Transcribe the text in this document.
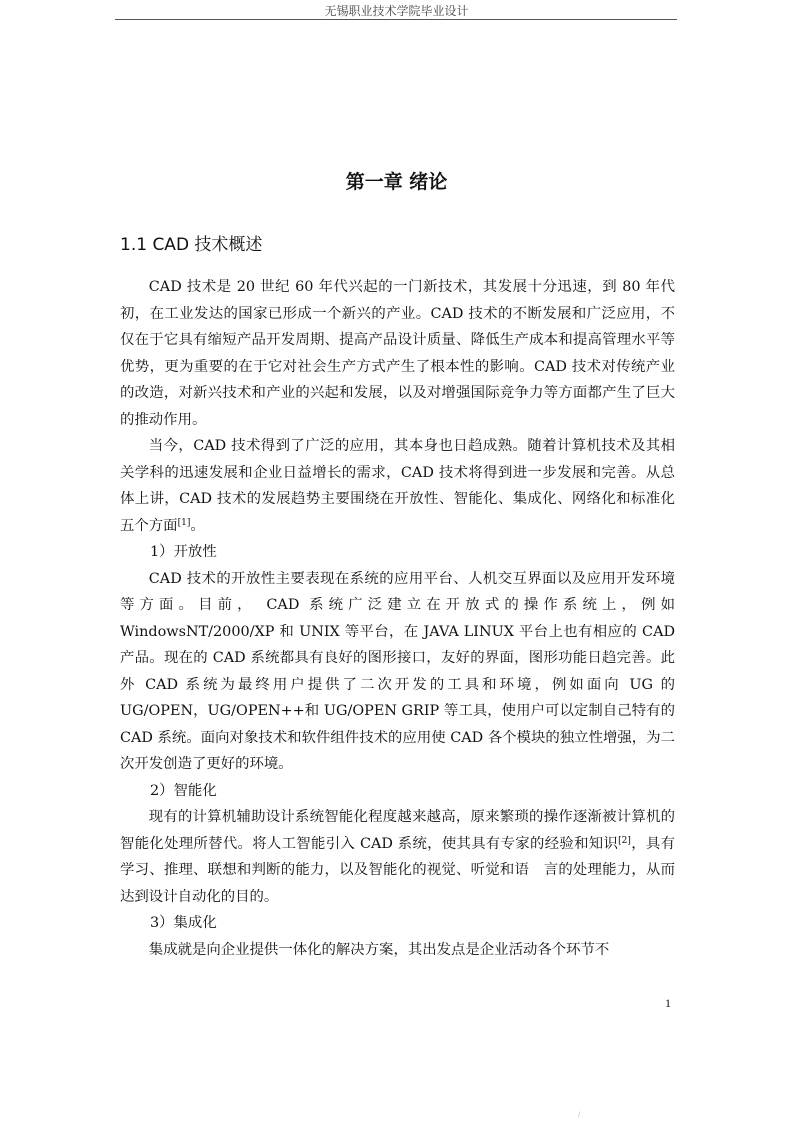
无锡职业技术学院毕业设计
第一章 绪论
1.1 CAD 技术概述

CAD 技术是 20 世纪 60 年代兴起的一门新技术，其发展十分迅速，到 80 年代初，在工业发达的国家已形成一个新兴的产业。CAD 技术的不断发展和广泛应用，不仅在于它具有缩短产品开发周期、提高产品设计质量、降低生产成本和提高管理水平等优势，更为重要的在于它对社会生产方式产生了根本性的影响。CAD 技术对传统产业的改造，对新兴技术和产业的兴起和发展，以及对增强国际竞争力等方面都产生了巨大的推动作用。

当今，CAD 技术得到了广泛的应用，其本身也日趋成熟。随着计算机技术及其相关学科的迅速发展和企业日益增长的需求，CAD 技术将得到进一步发展和完善。从总体上讲，CAD 技术的发展趋势主要围绕在开放性、智能化、集成化、网络化和标准化五个方面[1]。

1）开放性

CAD 技术的开放性主要表现在系统的应用平台、人机交互界面以及应用开发环境等方面。目前， CAD 系统广泛建立在开放式的操作系统上，例如 WindowsNT/2000/XP 和 UNIX 等平台，在 JAVA LINUX 平台上也有相应的 CAD 产品。现在的 CAD 系统都具有良好的图形接口，友好的界面，图形功能日趋完善。此外 CAD 系统为最终用户提供了二次开发的工具和环境，例如面向 UG 的 UG/OPEN，UG/OPEN++和 UG/OPEN GRIP 等工具，使用户可以定制自己特有的 CAD 系统。面向对象技术和软件组件技术的应用使 CAD 各个模块的独立性增强，为二次开发创造了更好的环境。

2）智能化

现有的计算机辅助设计系统智能化程度越来越高，原来繁琐的操作逐渐被计算机的智能化处理所替代。将人工智能引入 CAD 系统，使其具有专家的经验和知识[2]，具有学习、推理、联想和判断的能力，以及智能化的视觉、听觉和语　言的处理能力，从而达到设计自动化的目的。

3）集成化

集成就是向企业提供一体化的解决方案，其出发点是企业活动各个环节不

1
/
